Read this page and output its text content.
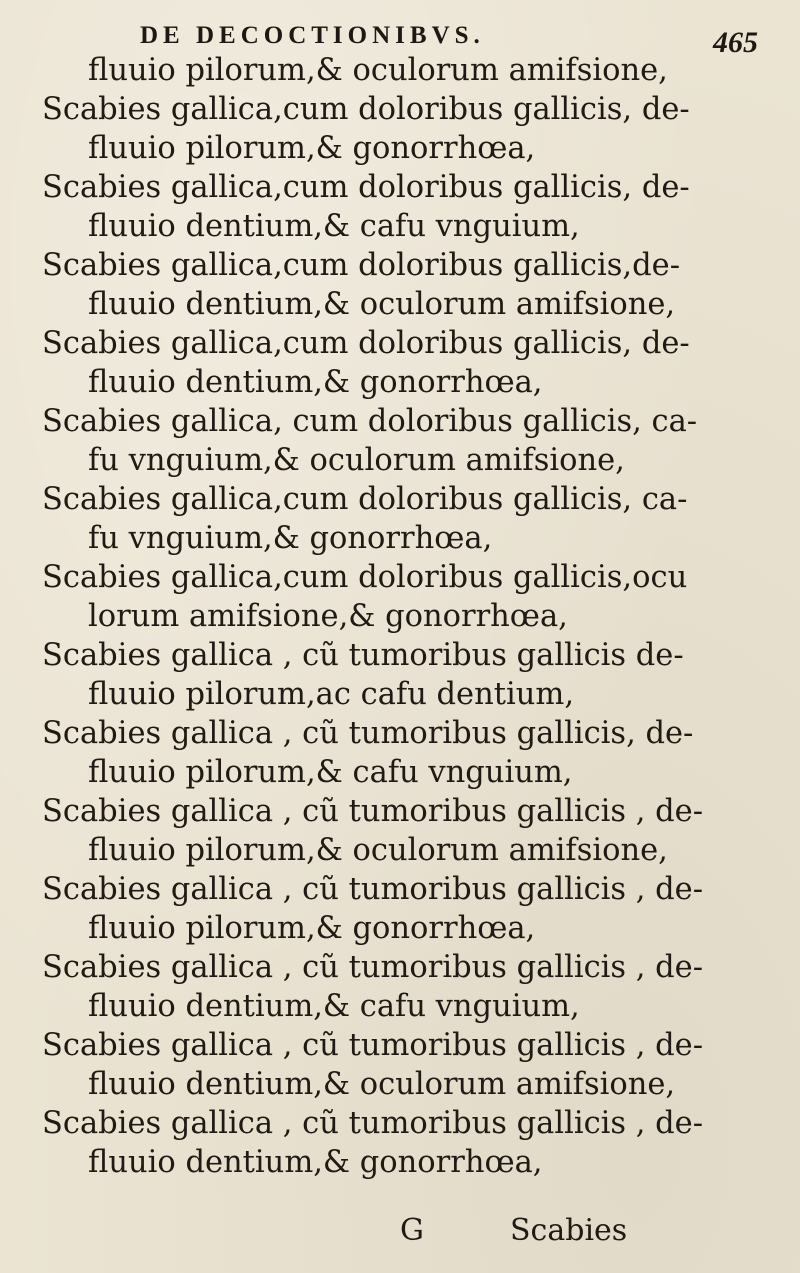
DE DECOCTIONIBVS.	465
fluuio pilorum,& oculorum amifsione,
Scabies gallica,cum doloribus gallicis, de-
fluuio pilorum,& gonorrhœa,
Scabies gallica,cum doloribus gallicis, de-
fluuio dentium,& cafu vnguium,
Scabies gallica,cum doloribus gallicis,de-
fluuio dentium,& oculorum amifsione,
Scabies gallica,cum doloribus gallicis, de-
fluuio dentium,& gonorrhœa,
Scabies gallica, cum doloribus gallicis, ca-
fu vnguium,& oculorum amifsione,
Scabies gallica,cum doloribus gallicis, ca-
fu vnguium,& gonorrhœa,
Scabies gallica,cum doloribus gallicis,ocu
lorum amifsione,& gonorrhœa,
Scabies gallica , cũ tumoribus gallicis de-
fluuio pilorum,ac cafu dentium,
Scabies gallica , cũ tumoribus gallicis, de-
fluuio pilorum,& cafu vnguium,
Scabies gallica , cũ tumoribus gallicis , de-
fluuio pilorum,& oculorum amifsione,
Scabies gallica , cũ tumoribus gallicis , de-
fluuio pilorum,& gonorrhœa,
Scabies gallica , cũ tumoribus gallicis , de-
fluuio dentium,& cafu vnguium,
Scabies gallica , cũ tumoribus gallicis , de-
fluuio dentium,& oculorum amifsione,
Scabies gallica , cũ tumoribus gallicis , de-
fluuio dentium,& gonorrhœa,
G	Scabies
